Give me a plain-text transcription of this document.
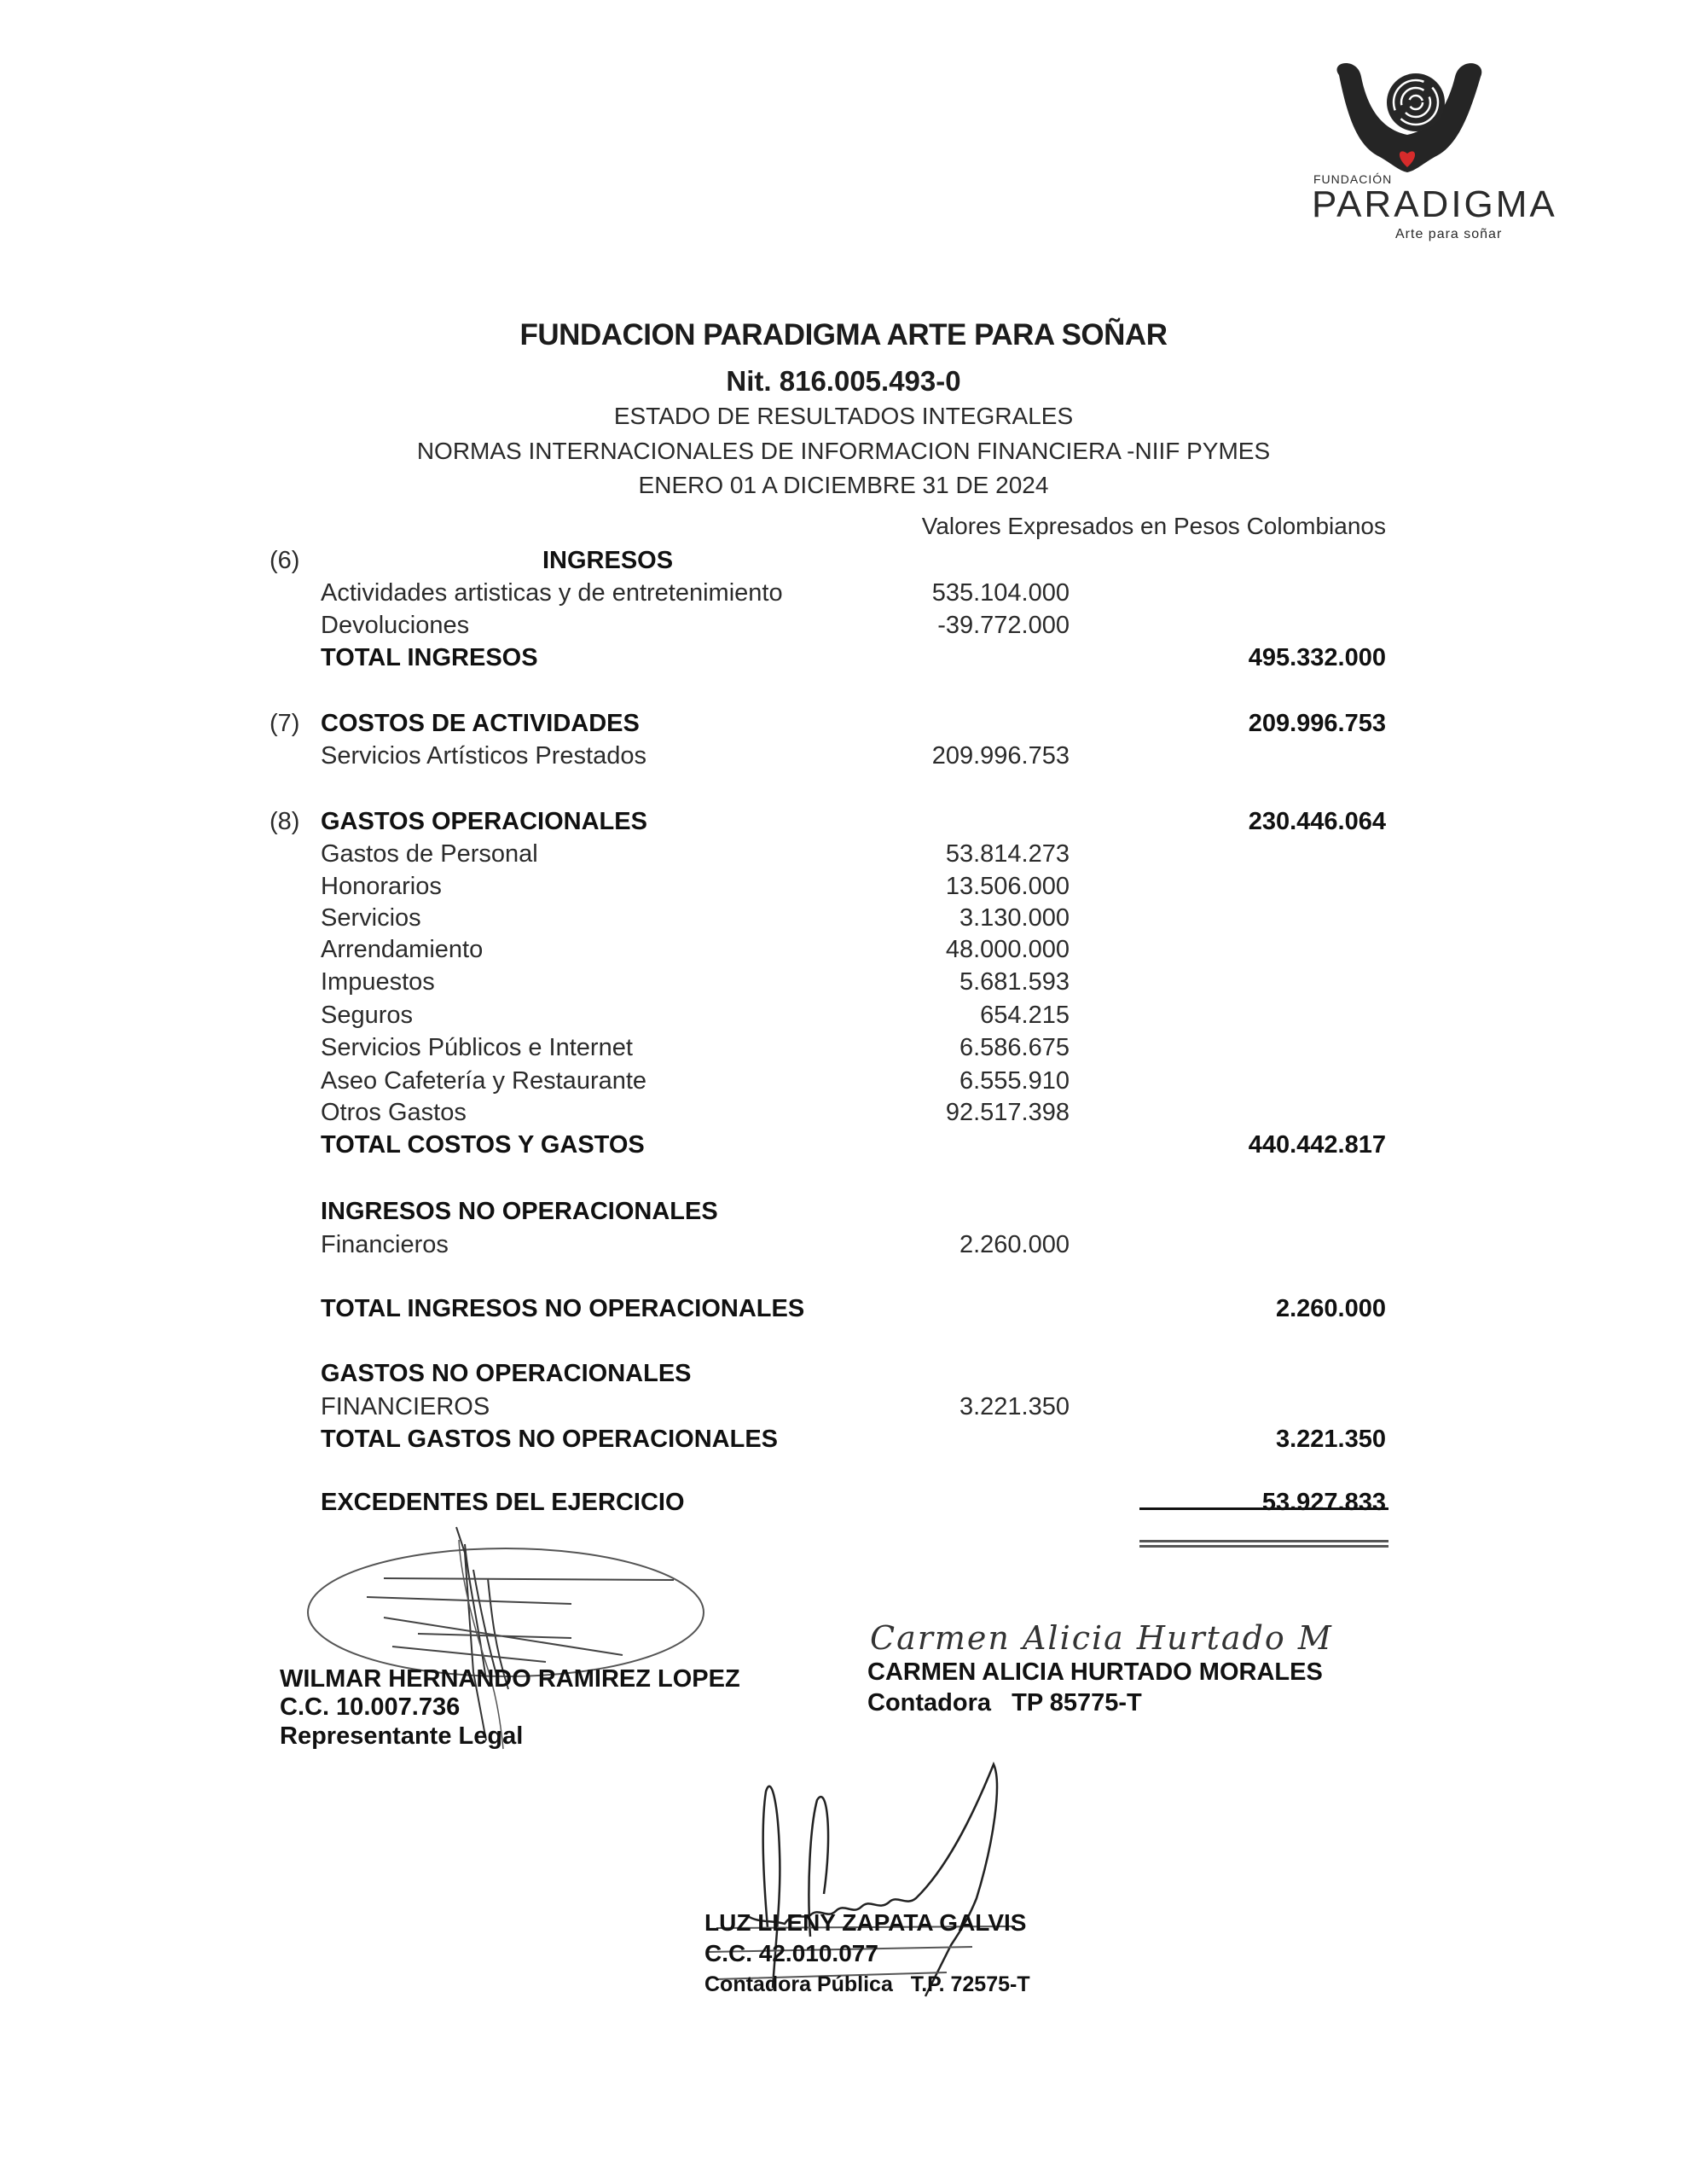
FUNDACIÓN
PARADIGMA
Arte para soñar
FUNDACION PARADIGMA ARTE PARA SOÑAR
Nit. 816.005.493-0
ESTADO DE RESULTADOS INTEGRALES
NORMAS INTERNACIONALES DE INFORMACION FINANCIERA -NIIF PYMES
ENERO 01 A DICIEMBRE 31 DE 2024
Valores Expresados en Pesos Colombianos
(6)	INGRESOS
Actividades artisticas y de entretenimiento	535.104.000
Devoluciones	-39.772.000
TOTAL INGRESOS	495.332.000
(7) COSTOS DE ACTIVIDADES	209.996.753
Servicios Artísticos Prestados	209.996.753
(8) GASTOS OPERACIONALES	230.446.064
Gastos de Personal	53.814.273
Honorarios	13.506.000
Servicios	3.130.000
Arrendamiento	48.000.000
Impuestos	5.681.593
Seguros	654.215
Servicios Públicos e Internet	6.586.675
Aseo Cafetería y Restaurante	6.555.910
Otros Gastos	92.517.398
TOTAL COSTOS Y GASTOS	440.442.817
INGRESOS NO OPERACIONALES
Financieros	2.260.000
TOTAL INGRESOS NO OPERACIONALES	2.260.000
GASTOS NO OPERACIONALES
FINANCIEROS	3.221.350
TOTAL GASTOS NO OPERACIONALES	3.221.350
EXCEDENTES DEL EJERCICIO	53.927.833
WILMAR HERNANDO RAMIREZ LOPEZ
C.C. 10.007.736
Representante Legal
Carmen Alicia Hurtado M
CARMEN ALICIA HURTADO MORALES
Contadora   TP 85775-T
LUZ LLENY ZAPATA GALVIS
C.C. 42.010.077
Contadora Pública   T.P. 72575-T
